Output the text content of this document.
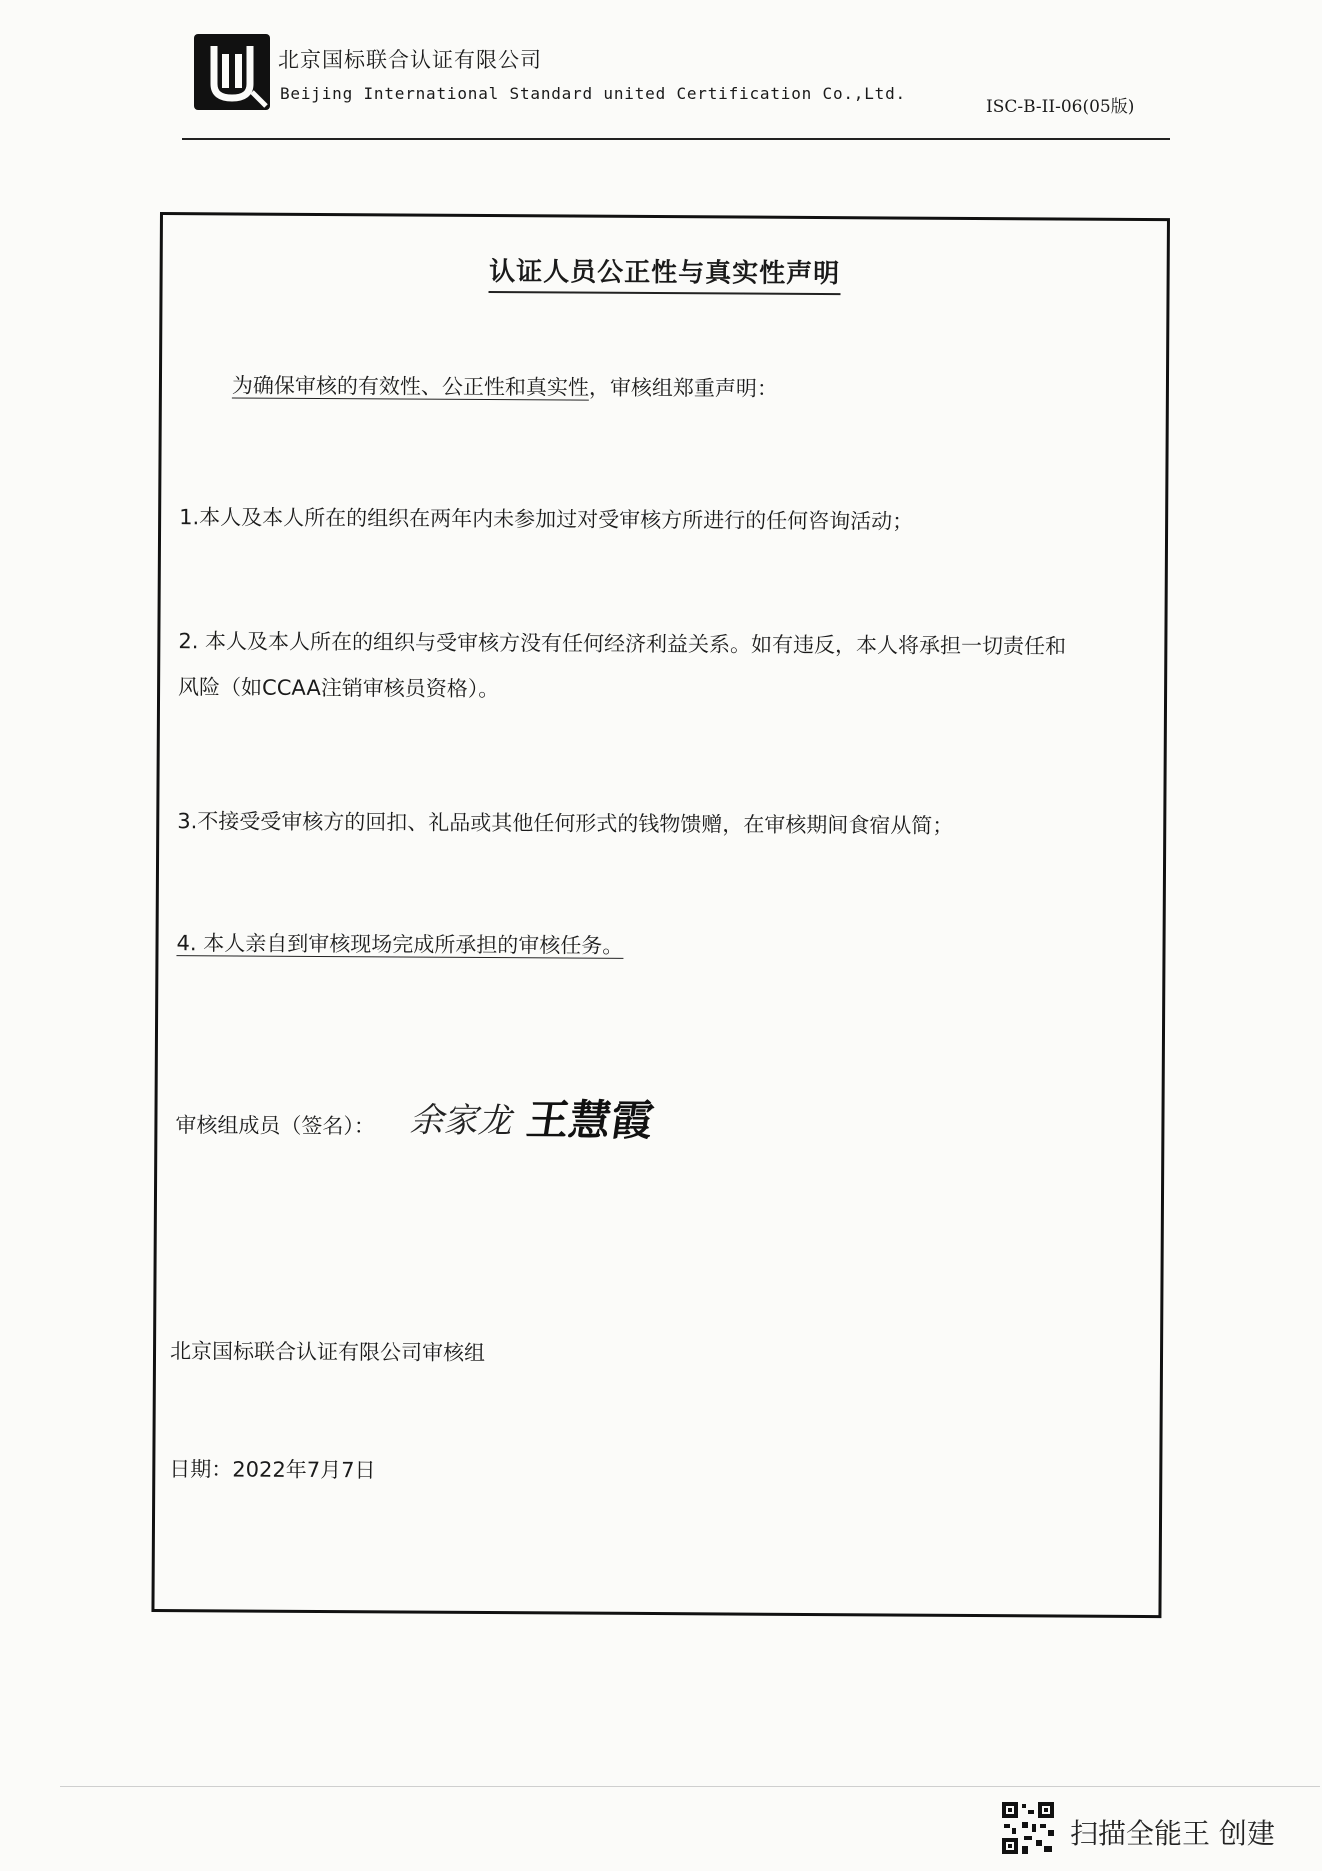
北京国标联合认证有限公司
Beijing International Standard united Certification Co.,Ltd.
ISC-B-II-06(05版)
认证人员公正性与真实性声明
为确保审核的有效性、公正性和真实性，审核组郑重声明：
1.本人及本人所在的组织在两年内未参加过对受审核方所进行的任何咨询活动；
2. 本人及本人所在的组织与受审核方没有任何经济利益关系。如有违反，本人将承担一切责任和
风险（如CCAA注销审核员资格）。
3.不接受受审核方的回扣、礼品或其他任何形式的钱物馈赠，在审核期间食宿从简；
4. 本人亲自到审核现场完成所承担的审核任务。
审核组成员（签名）： 余家龙 王慧霞
北京国标联合认证有限公司审核组
日期：2022年7月7日
扫描全能王 创建
